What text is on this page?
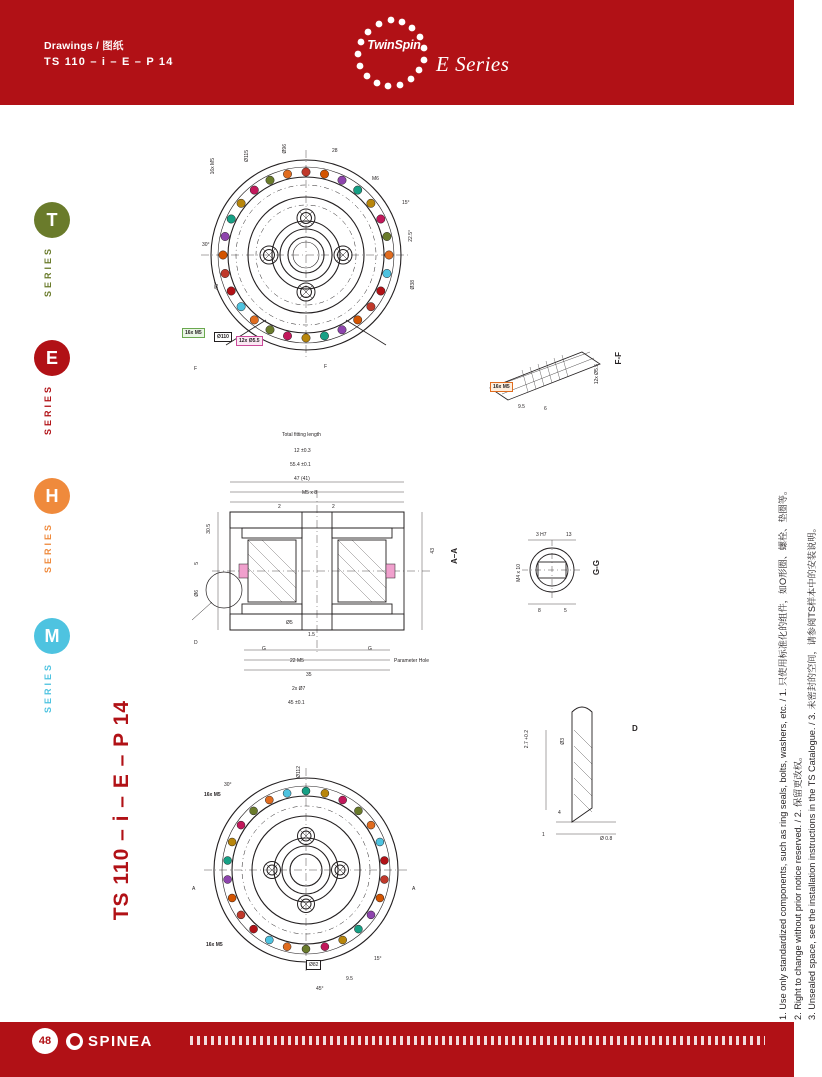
Drawings / 图纸
TS 110 – i – E – P 14
TwinSpin
E Series
T
SERIES
E
SERIES
H
SERIES
M
SERIES
TS 110 – i – E – P 14
16x M5
Ø115
Ø96	28
M6
15°
22.5°
30°
45°	Ø38
F
F
16x M5
Ø110
12x Ø5.5
Total fitting length
12 ±0.3
55.4 ±0.1
47 (41)
M5 x 8
2
2
30.5
43
5
Ø6
Ø5
1.5
G	G
22 M5
35
2x Ø7
45 ±0.1
D
Parameter Hole
A–A
F-F
12x Ø5.5
9.5	6
16x M5
3 H7	13
M4 x 10
8	5
G-G
Ø3
2.7 +0.2
4
1
Ø 0.8
D
16x M5
30°
Ø112
A	A
16x M5
Ø82
9.5
45°
15°	1. Use only standardized components, such as ring seals, bolts, washers, etc. / 1. 只使用标准化的组件，如O形圈、螺栓、垫圈等。 2. Right to change without prior notice reserved. / 2. 保留更改权。 3. Unsealed space, see the installation instructions in the TS Catalogue. / 3. 未密封的空间，请参阅TS样本中的安装说明。
48	SPINEA
